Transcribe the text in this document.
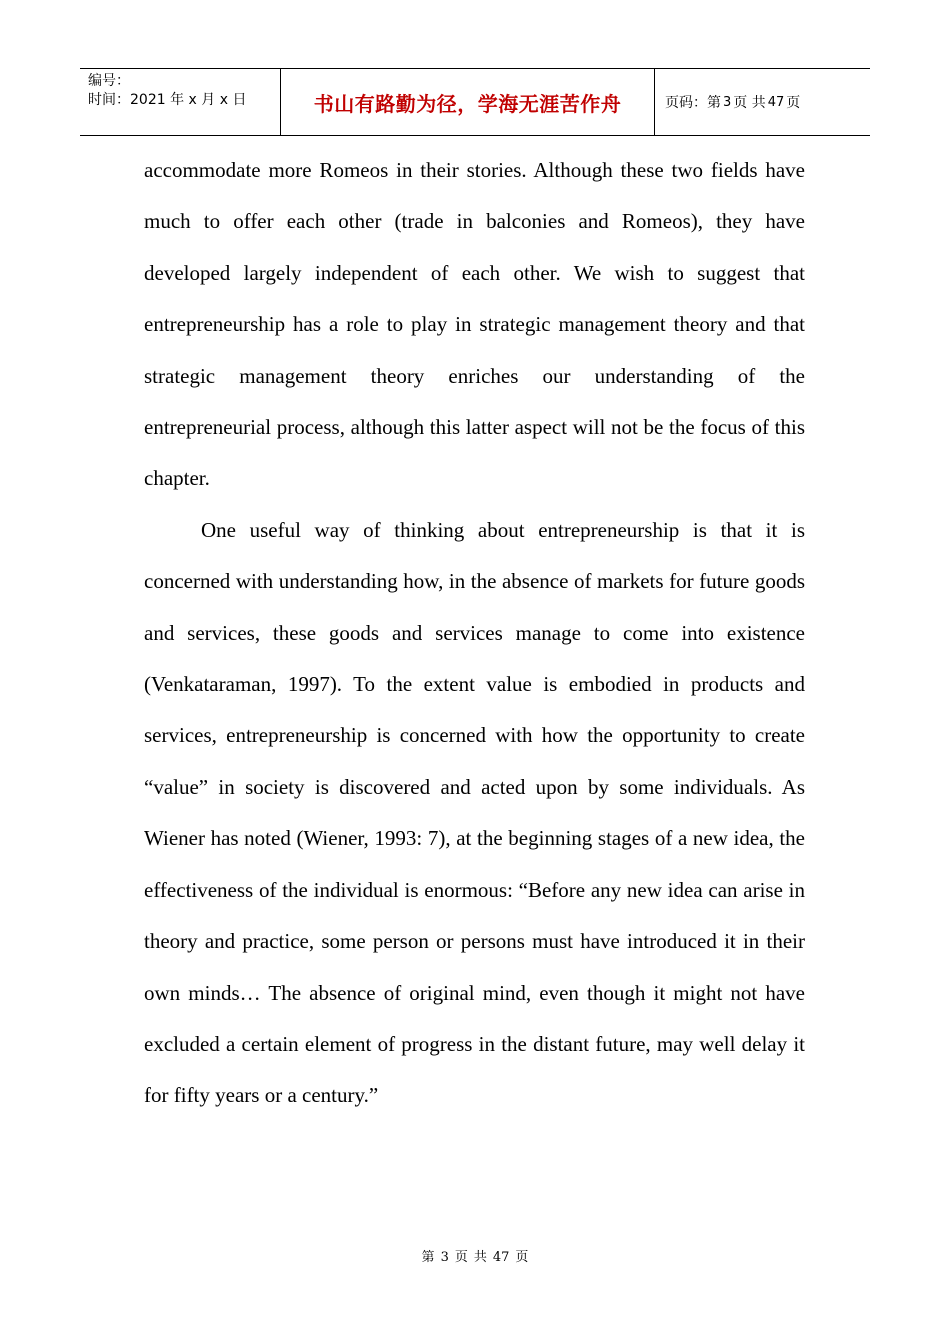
编号：
时间：2021 年 x 月 x 日	书山有路勤为径，学海无涯苦作舟	页码：第 3 页 共 47 页

accommodate more Romeos in their stories. Although these two fields have much to offer each other (trade in balconies and Romeos), they have developed largely independent of each other. We wish to suggest that entrepreneurship has a role to play in strategic management theory and that strategic management theory enriches our understanding of the entrepreneurial process, although this latter aspect will not be the focus of this chapter.

One useful way of thinking about entrepreneurship is that it is concerned with understanding how, in the absence of markets for future goods and services, these goods and services manage to come into existence (Venkataraman, 1997). To the extent value is embodied in products and services, entrepreneurship is concerned with how the opportunity to create “value” in society is discovered and acted upon by some individuals. As Wiener has noted (Wiener, 1993: 7), at the beginning stages of a new idea, the effectiveness of the individual is enormous: “Before any new idea can arise in theory and practice, some person or persons must have introduced it in their own minds… The absence of original mind, even though it might not have excluded a certain element of progress in the distant future, may well delay it for fifty years or a century.”

第 3 页 共 47 页
